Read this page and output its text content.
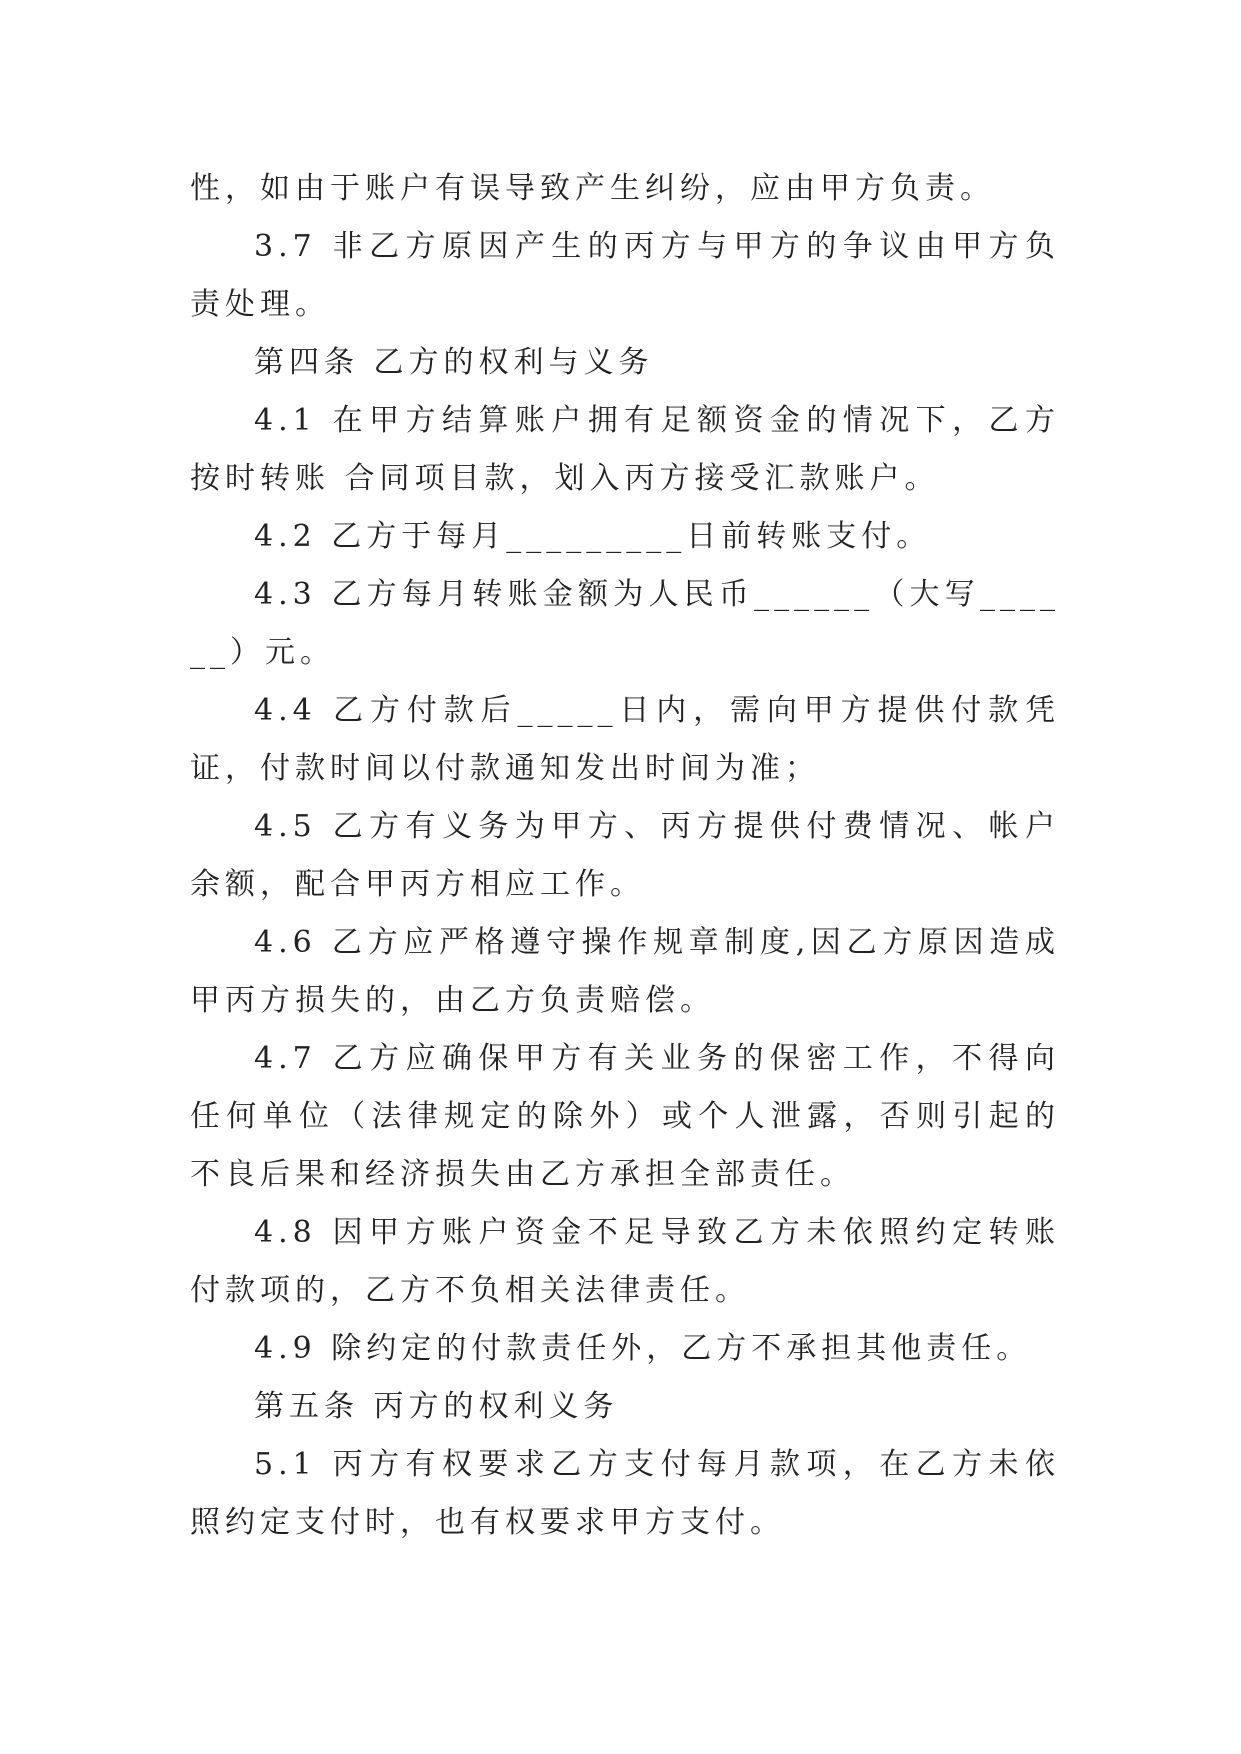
性，如由于账户有误导致产生纠纷，应由甲方负责。

3.7 非乙方原因产生的丙方与甲方的争议由甲方负责处理。

第四条 乙方的权利与义务

4.1 在甲方结算账户拥有足额资金的情况下，乙方按时转账 合同项目款，划入丙方接受汇款账户。

4.2 乙方于每月_________日前转账支付。

4.3 乙方每月转账金额为人民币______（大写______）元。

4.4 乙方付款后_____日内，需向甲方提供付款凭证，付款时间以付款通知发出时间为准；

4.5 乙方有义务为甲方、丙方提供付费情况、帐户余额，配合甲丙方相应工作。

4.6 乙方应严格遵守操作规章制度,因乙方原因造成甲丙方损失的，由乙方负责赔偿。

4.7 乙方应确保甲方有关业务的保密工作，不得向任何单位（法律规定的除外）或个人泄露，否则引起的不良后果和经济损失由乙方承担全部责任。

4.8 因甲方账户资金不足导致乙方未依照约定转账付款项的，乙方不负相关法律责任。

4.9 除约定的付款责任外，乙方不承担其他责任。

第五条 丙方的权利义务

5.1 丙方有权要求乙方支付每月款项，在乙方未依照约定支付时，也有权要求甲方支付。
